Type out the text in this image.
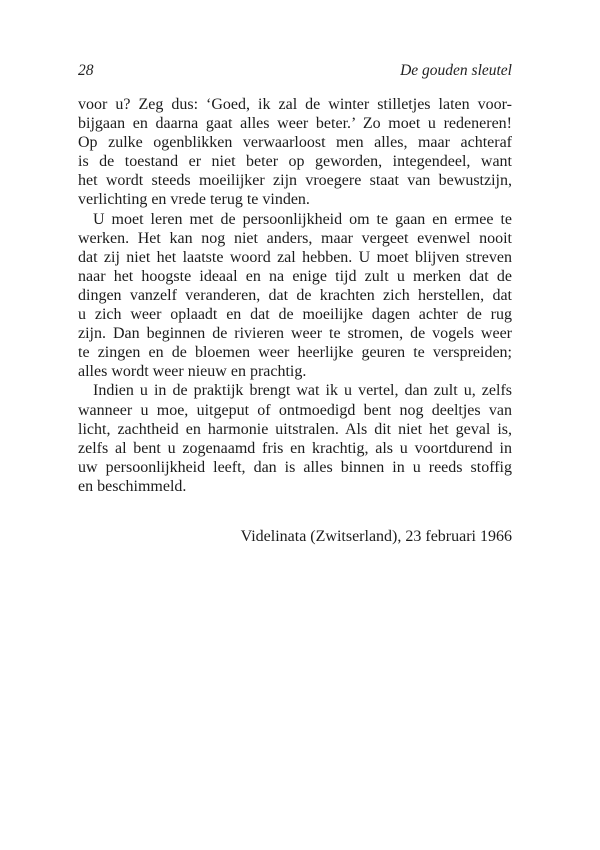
28	De gouden sleutel
voor u? Zeg dus: ‘Goed, ik zal de winter stilletjes laten voor-
bijgaan en daarna gaat alles weer beter.’ Zo moet u redeneren!
Op zulke ogenblikken verwaarloost men alles, maar achteraf
is de toestand er niet beter op geworden, integendeel, want
het wordt steeds moeilijker zijn vroegere staat van bewustzijn,
verlichting en vrede terug te vinden.
U moet leren met de persoonlijkheid om te gaan en ermee te
werken. Het kan nog niet anders, maar vergeet evenwel nooit
dat zij niet het laatste woord zal hebben. U moet blijven streven
naar het hoogste ideaal en na enige tijd zult u merken dat de
dingen vanzelf veranderen, dat de krachten zich herstellen, dat
u zich weer oplaadt en dat de moeilijke dagen achter de rug
zijn. Dan beginnen de rivieren weer te stromen, de vogels weer
te zingen en de bloemen weer heerlijke geuren te verspreiden;
alles wordt weer nieuw en prachtig.
Indien u in de praktijk brengt wat ik u vertel, dan zult u, zelfs
wanneer u moe, uitgeput of ontmoedigd bent nog deeltjes van
licht, zachtheid en harmonie uitstralen. Als dit niet het geval is,
zelfs al bent u zogenaamd fris en krachtig, als u voortdurend in
uw persoonlijkheid leeft, dan is alles binnen in u reeds stoffig
en beschimmeld.
Videlinata (Zwitserland), 23 februari 1966
